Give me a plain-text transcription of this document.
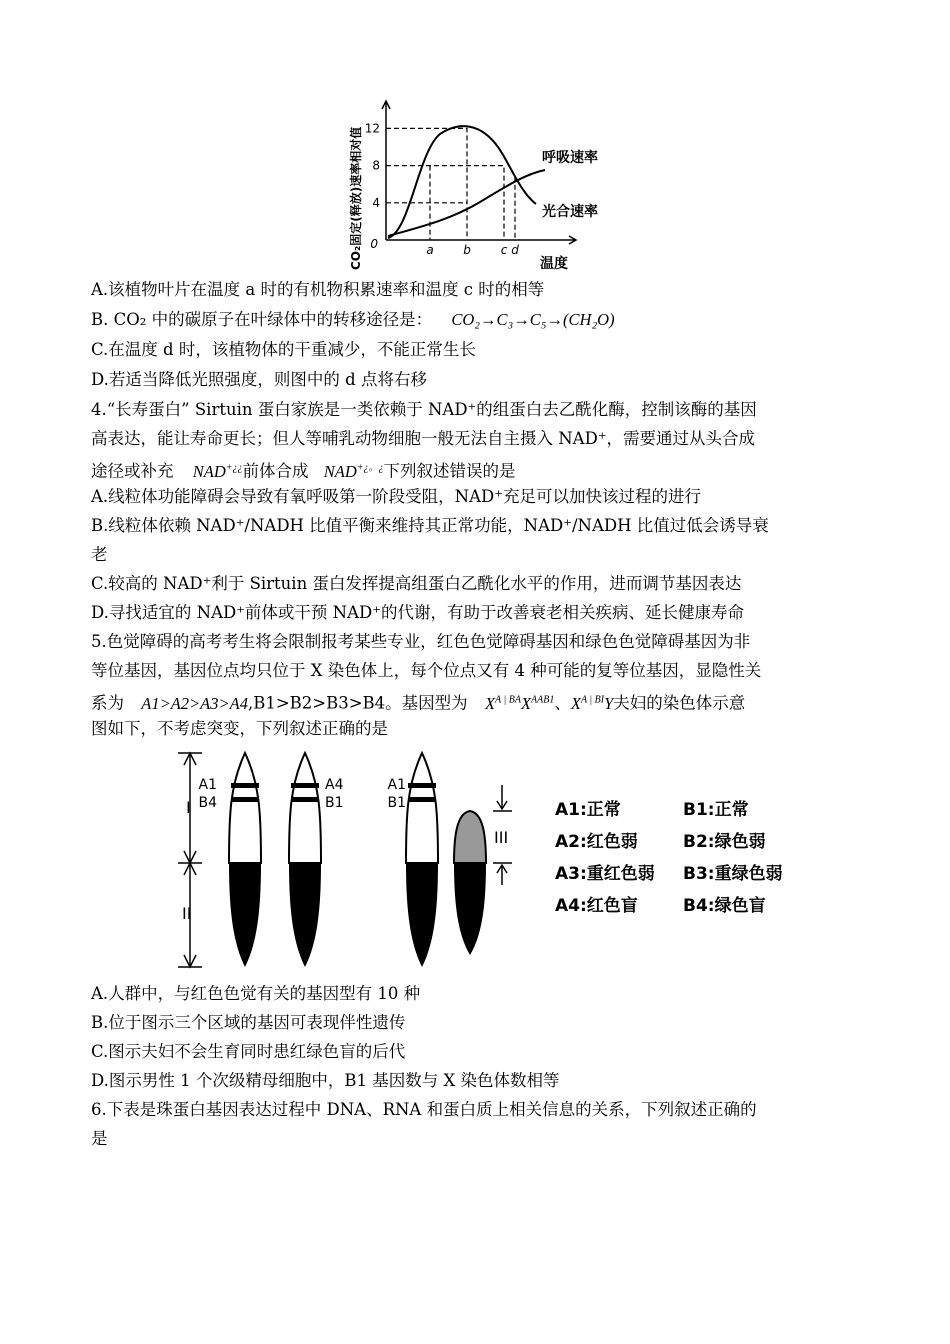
CO₂固定(释放)速率相对值	温度
12
8
4
0	a b c d
呼吸速率
光合速率
A.该植物叶片在温度 a 时的有机物积累速率和温度 c 时的相等
B. CO₂ 中的碳原子在叶绿体中的转移途径是： CO₂→C₃→C₅→(CH₂O)
C.在温度 d 时，该植物体的干重减少，不能正常生长
D.若适当降低光照强度，则图中的 d 点将右移
4.“长寿蛋白” Sirtuin 蛋白家族是一类依赖于 NAD⁺的组蛋白去乙酰化酶，控制该酶的基因
高表达，能让寿命更长；但人等哺乳动物细胞一般无法自主摄入 NAD⁺，需要通过从头合成
途径或补充 NAD+¿¿前体合成 NAD+¿。¿下列叙述错误的是
A.线粒体功能障碍会导致有氧呼吸第一阶段受阻，NAD⁺充足可以加快该过程的进行
B.线粒体依赖 NAD⁺/NADH 比值平衡来维持其正常功能，NAD⁺/NADH 比值过低会诱导衰
老
C.较高的 NAD⁺利于 Sirtuin 蛋白发挥提高组蛋白乙酰化水平的作用，进而调节基因表达
D.寻找适宜的 NAD⁺前体或干预 NAD⁺的代谢，有助于改善衰老相关疾病、延长健康寿命
5.色觉障碍的高考考生将会限制报考某些专业，红色色觉障碍基因和绿色色觉障碍基因为非
等位基因，基因位点均只位于 X 染色体上，每个位点又有 4 种可能的复等位基因，显隐性关
系为 A1>A2>A3>A4,B1>B2>B3>B4。基因型为 $X^{A | BA}X^{AAB1}$、$X^{A | BI}Y$夫妇的染色体示意
图如下，不考虑突变，下列叙述正确的是
I
II
A1
B4
A4
B1
A1
B1
III
A1:正常	B1:正常
A2:红色弱	B2:绿色弱
A3:重红色弱 B3:重绿色弱
A4:红色盲	B4:绿色盲
A.人群中，与红色色觉有关的基因型有 10 种
B.位于图示三个区域的基因可表现伴性遗传
C.图示夫妇不会生育同时患红绿色盲的后代
D.图示男性 1 个次级精母细胞中，B1 基因数与 X 染色体数相等
6.下表是珠蛋白基因表达过程中 DNA、RNA 和蛋白质上相关信息的关系，下列叙述正确的
是
